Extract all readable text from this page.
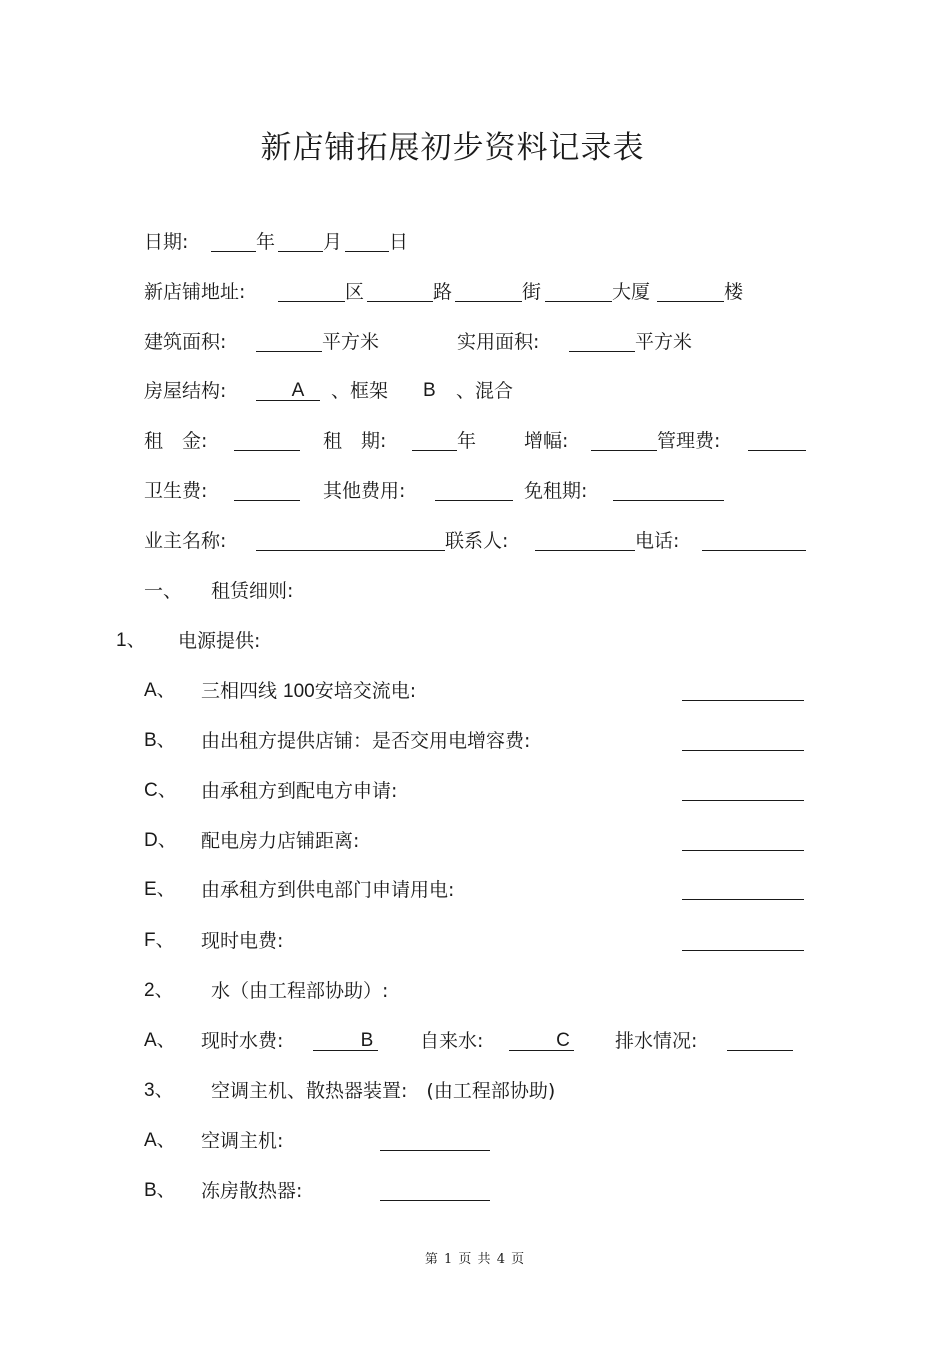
新店铺拓展初步资料记录表
日期:	年	月 日
新店铺地址:	区	路	街	大厦	楼
建筑面积:	平方米	实用面积:	平方米
房屋结构:	A	、框架 B 、混合
租　金:	租　期:	年	增幅:	管理费:
卫生费:	其他费用:	免租期:
业主名称:	联系人:	电话:
一、 租赁细则:
1、 电源提供:
A、 三相四线 100安培交流电:
B、 由出租方提供店铺：是否交用电增容费:
C、 由承租方到配电方申请:
D、 配电房力店铺距离:
E、 由承租方到供电部门申请用电:
F、 现时电费:
2、 水（由工程部协助）:
A、 现时水费:	B	自来水:	C	排水情况:
3、 空调主机、散热器装置:　(由工程部协助)
A、 空调主机:
B、 冻房散热器:
第 1 页 共 4 页
